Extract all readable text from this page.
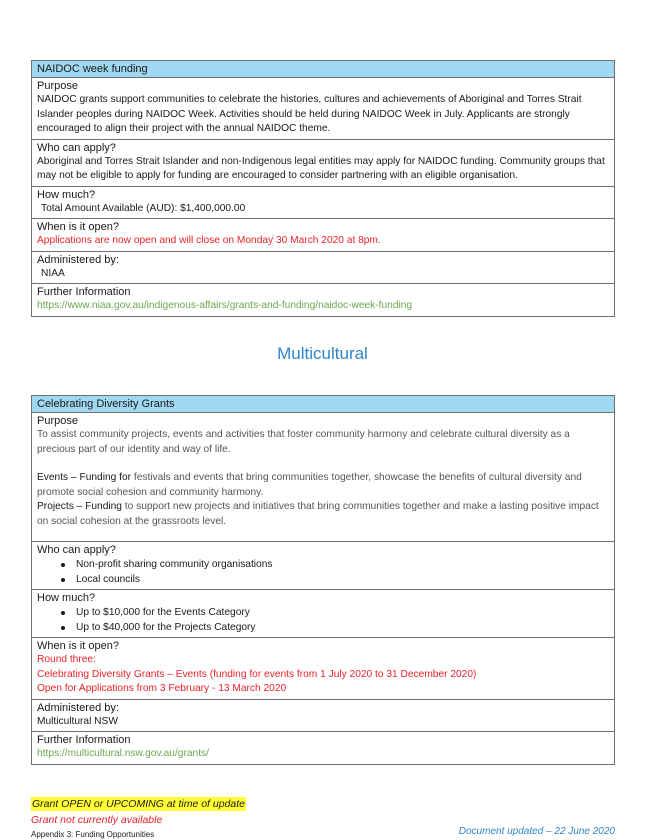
NAIDOC week funding
Purpose
NAIDOC grants support communities to celebrate the histories, cultures and achievements of Aboriginal and Torres Strait Islander peoples during NAIDOC Week. Activities should be held during NAIDOC Week in July. Applicants are strongly encouraged to align their project with the annual NAIDOC theme.
Who can apply?
Aboriginal and Torres Strait Islander and non-Indigenous legal entities may apply for NAIDOC funding. Community groups that may not be eligible to apply for funding are encouraged to consider partnering with an eligible organisation.
How much?
Total Amount Available (AUD): $1,400,000.00
When is it open?
Applications are now open and will close on Monday 30 March 2020 at 8pm.
Administered by:
NIAA
Further Information
https://www.niaa.gov.au/indigenous-affairs/grants-and-funding/naidoc-week-funding
Multicultural
Celebrating Diversity Grants
Purpose
To assist community projects, events and activities that foster community harmony and celebrate cultural diversity as a precious part of our identity and way of life.
Events – Funding for festivals and events that bring communities together, showcase the benefits of cultural diversity and promote social cohesion and community harmony.
Projects – Funding to support new projects and initiatives that bring communities together and make a lasting positive impact on social cohesion at the grassroots level.
Who can apply?
Non-profit sharing community organisations
Local councils
How much?
Up to $10,000 for the Events Category
Up to $40,000 for the Projects Category
When is it open?
Round three:
Celebrating Diversity Grants – Events (funding for events from 1 July 2020 to 31 December 2020)
Open for Applications from 3 February - 13 March 2020
Administered by:
Multicultural NSW
Further Information
https://multicultural.nsw.gov.au/grants/
Grant OPEN or UPCOMING at time of update
Grant not currently available
Appendix 3: Funding Opportunities	Document updated – 22 June 2020
